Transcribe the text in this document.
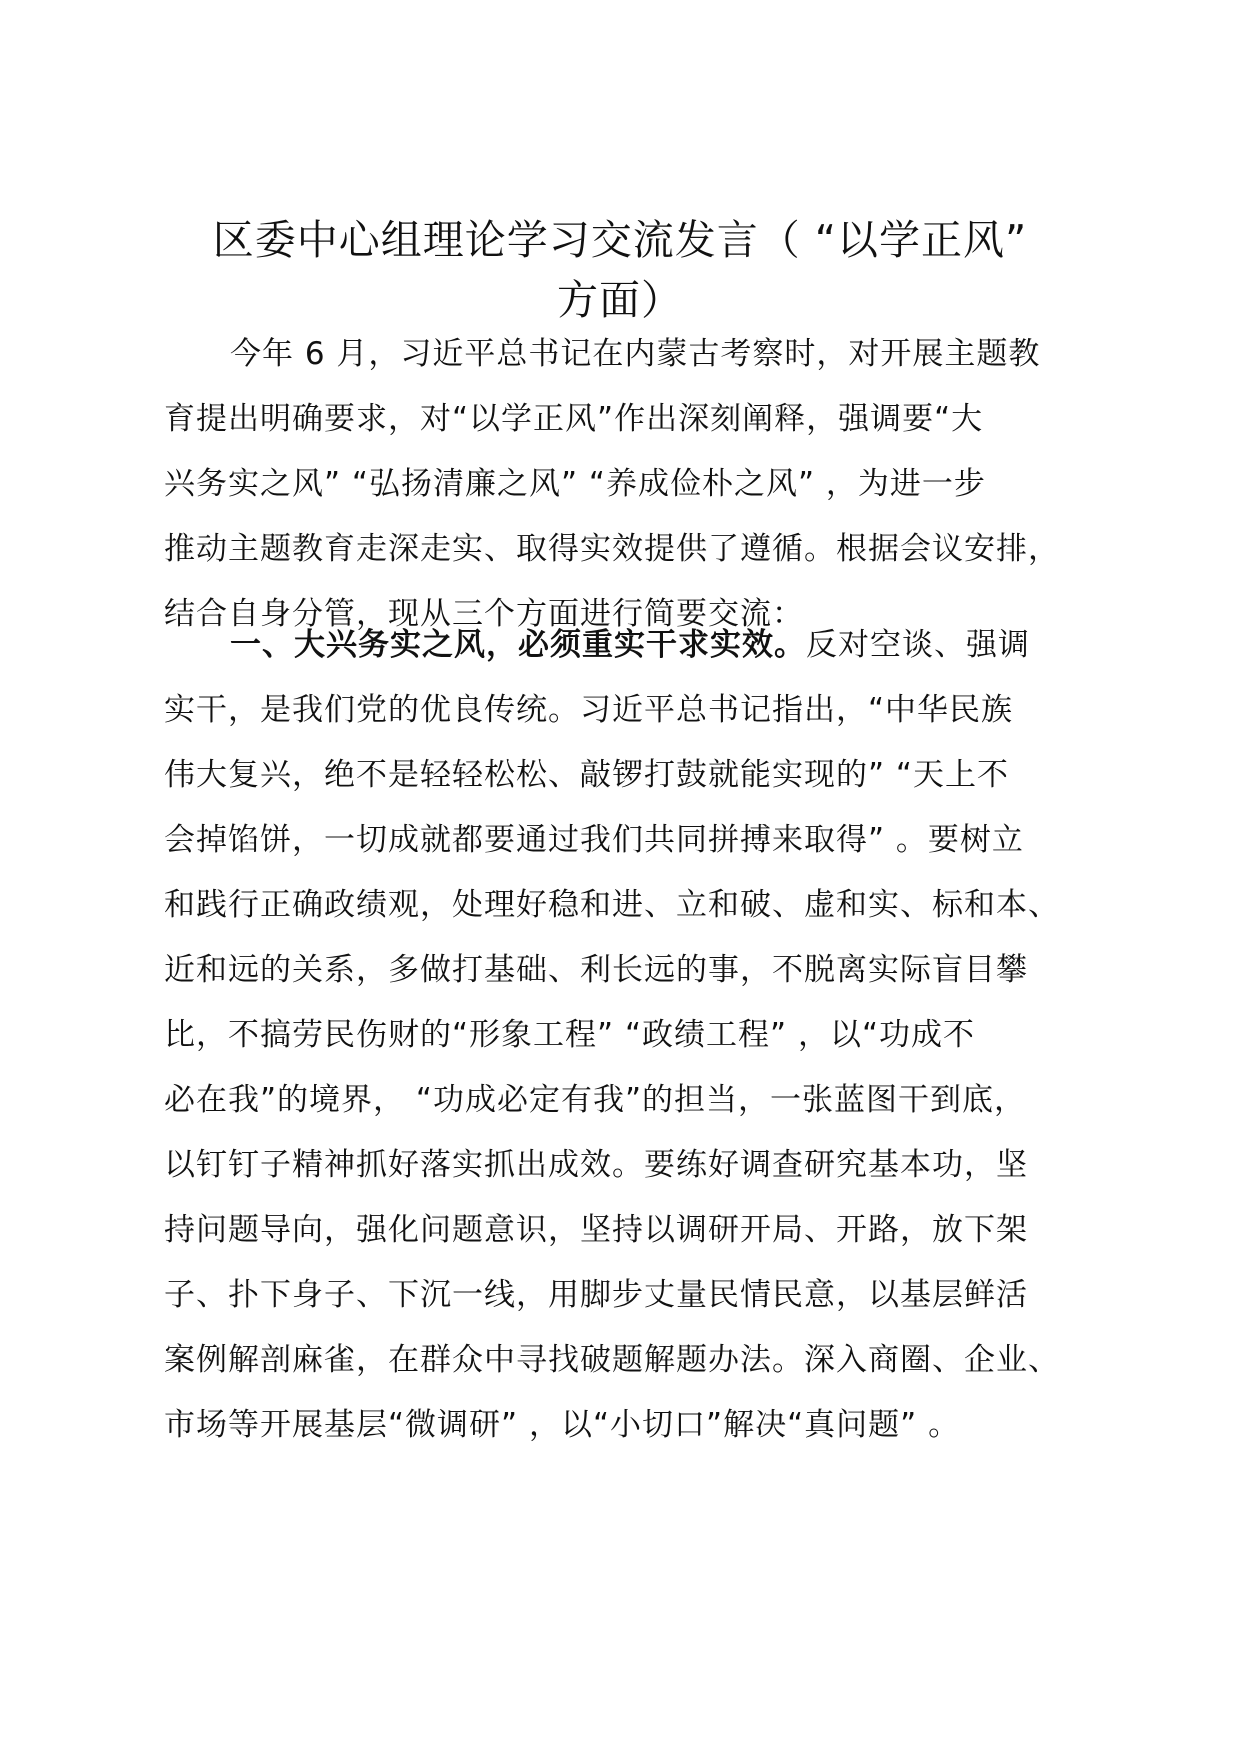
区委中心组理论学习交流发言（ “以学正风”
方面）
今年 6 月，习近平总书记在内蒙古考察时，对开展主题教
育提出明确要求，对“以学正风”作出深刻阐释，强调要“大
兴务实之风” “弘扬清廉之风” “养成俭朴之风” ，为进一步
推动主题教育走深走实、取得实效提供了遵循。根据会议安排，
结合自身分管，现从三个方面进行简要交流：
一、大兴务实之风，必须重实干求实效。反对空谈、强调
实干，是我们党的优良传统。习近平总书记指出，“中华民族
伟大复兴，绝不是轻轻松松、敲锣打鼓就能实现的” “天上不
会掉馅饼，一切成就都要通过我们共同拼搏来取得” 。要树立
和践行正确政绩观，处理好稳和进、立和破、虚和实、标和本、
近和远的关系，多做打基础、利长远的事，不脱离实际盲目攀
比，不搞劳民伤财的“形象工程” “政绩工程” ，以“功成不
必在我”的境界， “功成必定有我”的担当，一张蓝图干到底，
以钉钉子精神抓好落实抓出成效。要练好调查研究基本功，坚
持问题导向，强化问题意识，坚持以调研开局、开路，放下架
子、扑下身子、下沉一线，用脚步丈量民情民意，以基层鲜活
案例解剖麻雀，在群众中寻找破题解题办法。深入商圈、企业、
市场等开展基层“微调研” ，以“小切口”解决“真问题” 。
